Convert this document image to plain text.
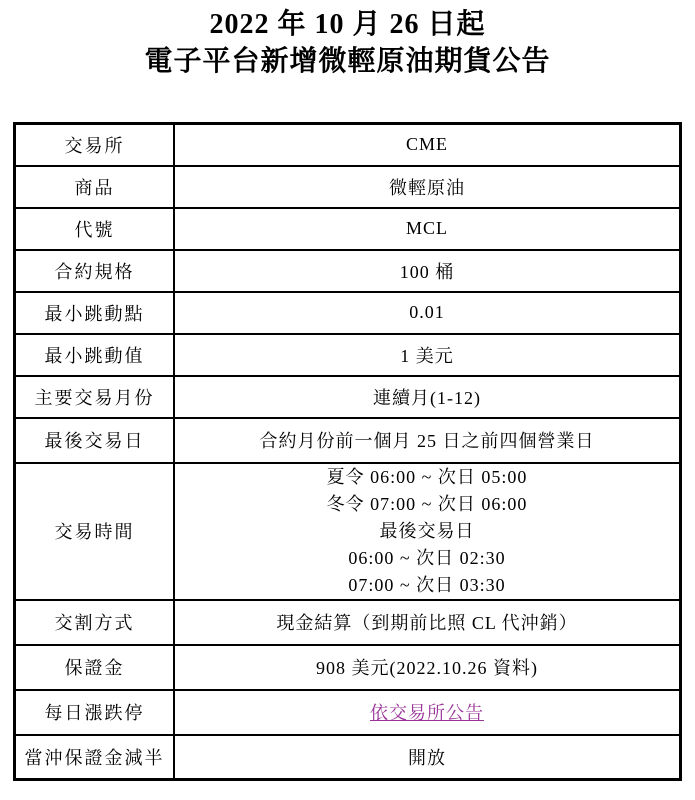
2022 年 10 月 26 日起
電子平台新增微輕原油期貨公告
交易所	CME
商品	微輕原油
代號	MCL
合約規格	100 桶
最小跳動點	0.01
最小跳動值	1 美元
主要交易月份	連續月(1-12)
最後交易日	合約月份前一個月 25 日之前四個營業日
交易時間	夏令 06:00 ~ 次日 05:00
冬令 07:00 ~ 次日 06:00
最後交易日
06:00 ~ 次日 02:30
07:00 ~ 次日 03:30

交割方式	現金結算（到期前比照 CL 代沖銷）
保證金	908 美元(2022.10.26 資料)
每日漲跌停	依交易所公告
當沖保證金減半	開放
